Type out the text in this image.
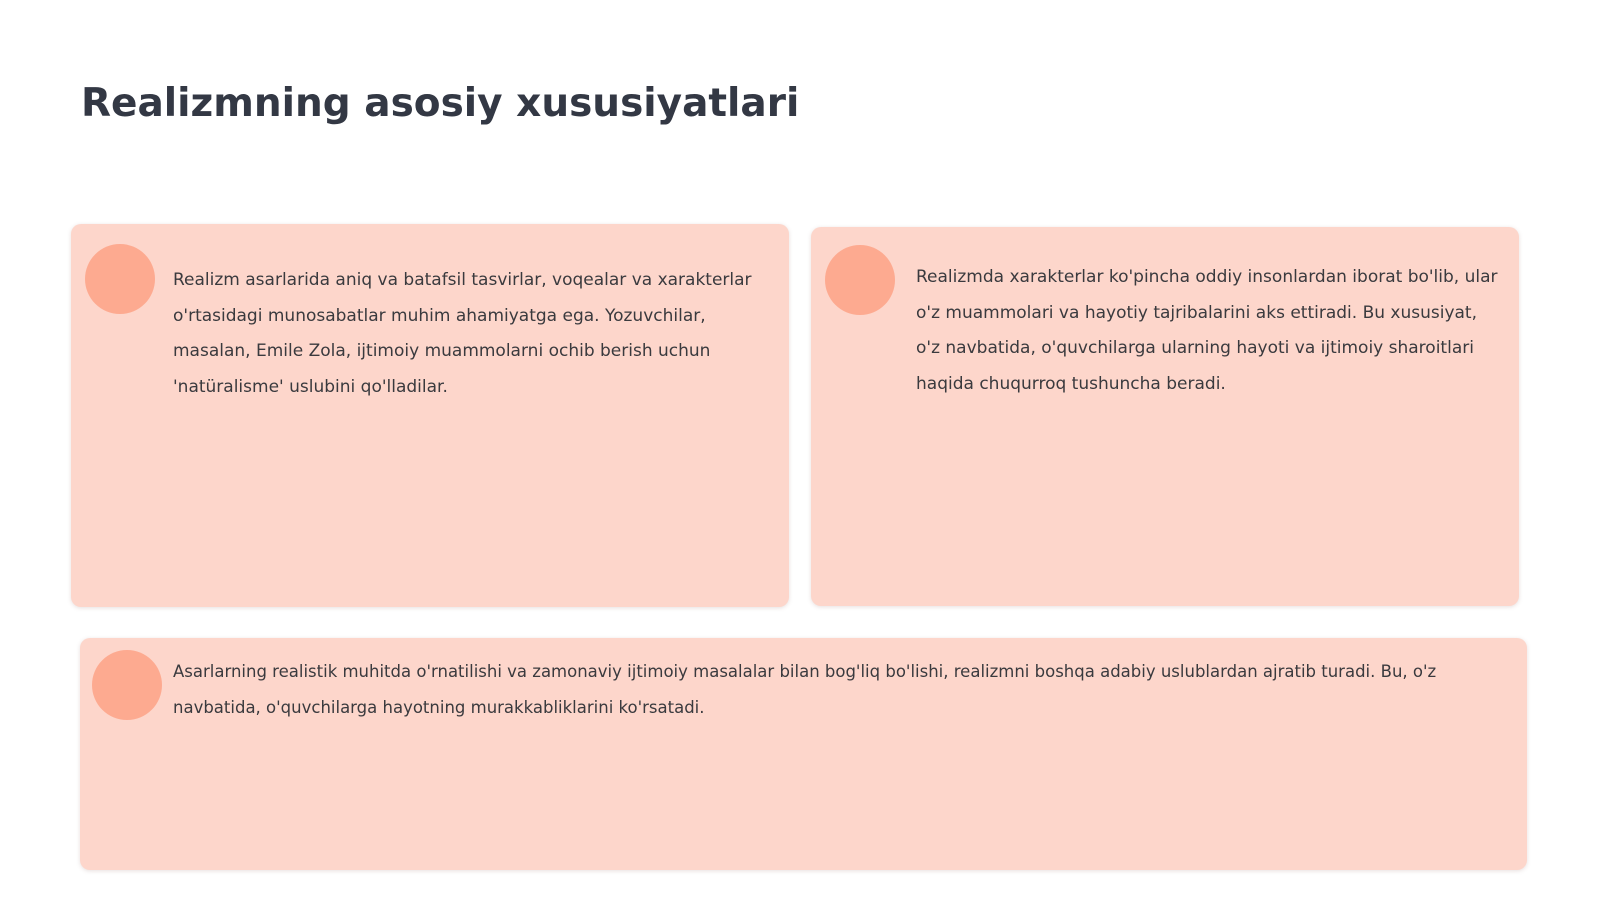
Realizmning asosiy xususiyatlari

Realizm asarlarida aniq va batafsil tasvirlar, voqealar va xarakterlar o'rtasidagi munosabatlar muhim ahamiyatga ega. Yozuvchilar, masalan, Emile Zola, ijtimoiy muammolarni ochib berish uchun 'natüralisme' uslubini qo'lladilar.

Realizmda xarakterlar ko'pincha oddiy insonlardan iborat bo'lib, ular o'z muammolari va hayotiy tajribalarini aks ettiradi. Bu xususiyat, o'z navbatida, o'quvchilarga ularning hayoti va ijtimoiy sharoitlari haqida chuqurroq tushuncha beradi.

Asarlarning realistik muhitda o'rnatilishi va zamonaviy ijtimoiy masalalar bilan bog'liq bo'lishi, realizmni boshqa adabiy uslublardan ajratib turadi. Bu, o'z navbatida, o'quvchilarga hayotning murakkabliklarini ko'rsatadi.
